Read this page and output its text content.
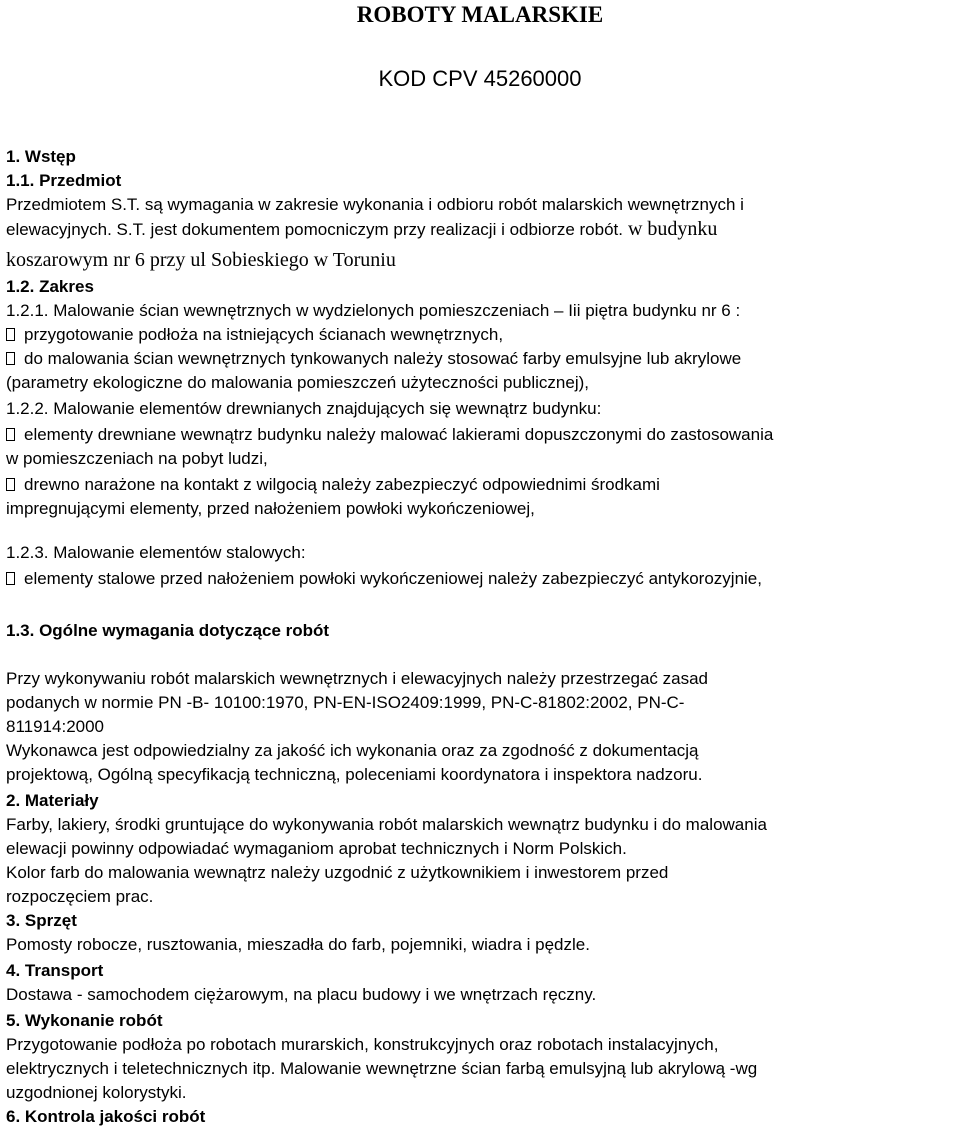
ROBOTY MALARSKIE
KOD CPV 45260000
1. Wstęp
1.1. Przedmiot
Przedmiotem S.T. są wymagania w zakresie wykonania i odbioru robót malarskich wewnętrznych i
elewacyjnych. S.T. jest dokumentem pomocniczym przy realizacji i odbiorze robót. w budynku
koszarowym nr 6 przy ul Sobieskiego w Toruniu
1.2. Zakres
1.2.1. Malowanie ścian wewnętrznych w wydzielonych pomieszczeniach – Iii piętra budynku nr 6 :
przygotowanie podłoża na istniejących ścianach wewnętrznych,
do malowania ścian wewnętrznych tynkowanych należy stosować farby emulsyjne lub akrylowe
(parametry ekologiczne do malowania pomieszczeń użyteczności publicznej),
1.2.2. Malowanie elementów drewnianych znajdujących się wewnątrz budynku:
elementy drewniane wewnątrz budynku należy malować lakierami dopuszczonymi do zastosowania
w pomieszczeniach na pobyt ludzi,
drewno narażone na kontakt z wilgocią należy zabezpieczyć odpowiednimi środkami
impregnującymi elementy, przed nałożeniem powłoki wykończeniowej,
1.2.3. Malowanie elementów stalowych:
elementy stalowe przed nałożeniem powłoki wykończeniowej należy zabezpieczyć antykorozyjnie,
1.3. Ogólne wymagania dotyczące robót
Przy wykonywaniu robót malarskich wewnętrznych i elewacyjnych należy przestrzegać zasad
podanych w normie PN -B- 10100:1970, PN-EN-ISO2409:1999, PN-C-81802:2002, PN-C-
811914:2000
Wykonawca jest odpowiedzialny za jakość ich wykonania oraz za zgodność z dokumentacją
projektową, Ogólną specyfikacją techniczną, poleceniami koordynatora i inspektora nadzoru.
2. Materiały
Farby, lakiery, środki gruntujące do wykonywania robót malarskich wewnątrz budynku i do malowania
elewacji powinny odpowiadać wymaganiom aprobat technicznych i Norm Polskich.
Kolor farb do malowania wewnątrz należy uzgodnić z użytkownikiem i inwestorem przed
rozpoczęciem prac.
3. Sprzęt
Pomosty robocze, rusztowania, mieszadła do farb, pojemniki, wiadra i pędzle.
4. Transport
Dostawa - samochodem ciężarowym, na placu budowy i we wnętrzach ręczny.
5. Wykonanie robót
Przygotowanie podłoża po robotach murarskich, konstrukcyjnych oraz robotach instalacyjnych,
elektrycznych i teletechnicznych itp. Malowanie wewnętrzne ścian farbą emulsyjną lub akrylową -wg
uzgodnionej kolorystyki.
6. Kontrola jakości robót
